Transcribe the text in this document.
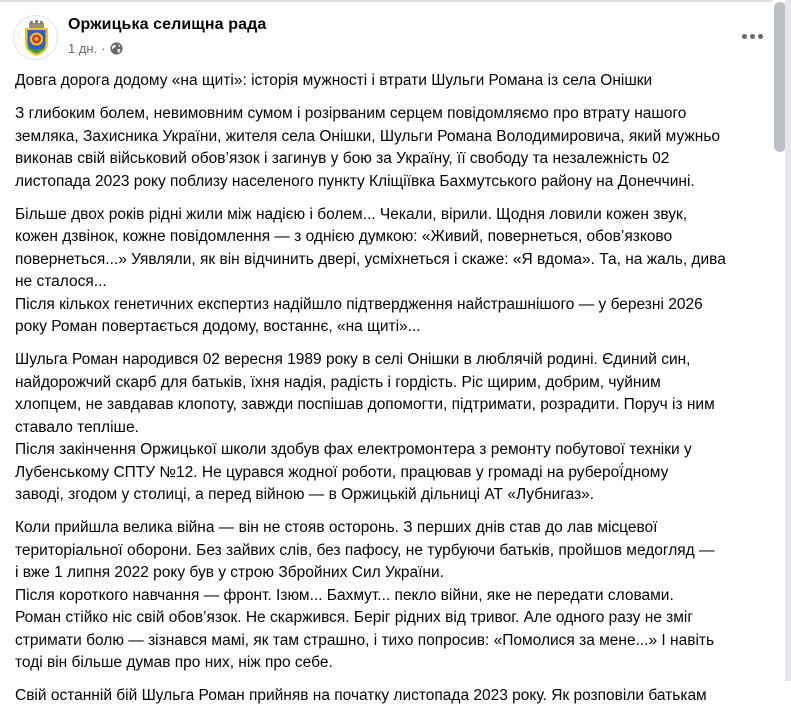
Оржицька селищна рада
1 дн. ·

Довга дорога додому «на щиті»: історія мужності і втрати Шульги Романа із села Онішки

З глибоким болем, невимовним сумом і розірваним серцем повідомляємо про втрату нашого
земляка, Захисника України, жителя села Онішки, Шульги Романа Володимировича, який мужньо
виконав свій військовий обов’язок і загинув у бою за Україну, її свободу та незалежність 02
листопада 2023 року поблизу населеного пункту Кліщіївка Бахмутського району на Донеччині.

Більше двох років рідні жили між надією і болем... Чекали, вірили. Щодня ловили кожен звук,
кожен дзвінок, кожне повідомлення — з однією думкою: «Живий, повернеться, обов’язково
повернеться...» Уявляли, як він відчинить двері, усміхнеться і скаже: «Я вдома». Та, на жаль, дива
не сталося...
Після кількох генетичних експертиз надійшло підтвердження найстрашнішого — у березні 2026
року Роман повертається додому, востаннє, «на щиті»...

Шульга Роман народився 02 вересня 1989 року в селі Онішки в люблячій родині. Єдиний син,
найдорожчий скарб для батьків, їхня надія, радість і гордість. Ріс щирим, добрим, чуйним
хлопцем, не завдавав клопоту, завжди поспішав допомогти, підтримати, розрадити. Поруч із ним
ставало тепліше.
Після закінчення Оржицької школи здобув фах електромонтера з ремонту побутової техніки у
Лубенському СПТУ №12. Не цурався жодної роботи, працював у громаді на руберої́дному
заводі, згодом у столиці, а перед війною — в Оржицькій дільниці АТ «Лубнигаз».

Коли прийшла велика війна — він не стояв осторонь. З перших днів став до лав місцевої
територіальної оборони. Без зайвих слів, без пафосу, не турбуючи батьків, пройшов медогляд —
і вже 1 липня 2022 року був у строю Збройних Сил України.
Після короткого навчання — фронт. Ізюм... Бахмут... пекло війни, яке не передати словами.
Роман стійко ніс свій обов’язок. Не скаржився. Беріг рідних від тривог. Але одного разу не зміг
стримати болю — зізнався мамі, як там страшно, і тихо попросив: «Помолися за мене...» І навіть
тоді він більше думав про них, ніж про себе.

Свій останній бій Шульга Роман прийняв на початку листопада 2023 року. Як розповіли батькам
